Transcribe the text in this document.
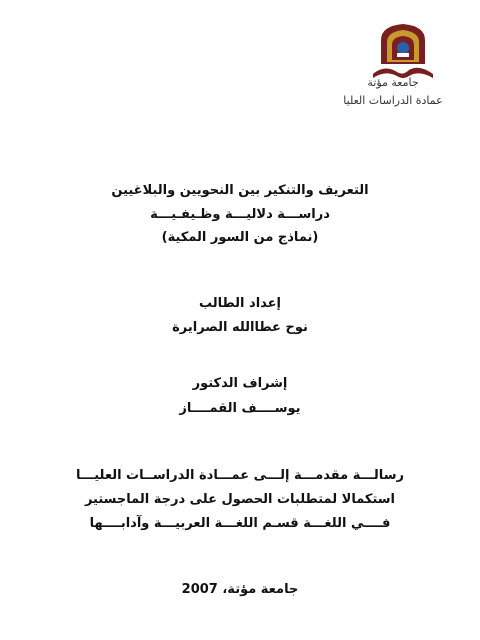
جامعة مؤتة
عمادة الدراسات العليا
التعريف والتنكير بين النحويين والبلاغيين
دراســـة دلاليـــة وظـيفـيـــة
(نماذج من السور المكية)
إعداد الطالب
نوح عطاالله الصرايرة
إشراف الدكتور
يوســــف القمــــاز
رسالـــة مقدمـــة إلـــى عمـــادة الدراســات العليـــا
استكمالا لمتطلبات الحصول على درجة الماجستير
فــــي اللغـــة قسـم اللغـــة العربيـــة وآدابــــها
جامعة مؤتة، 2007
